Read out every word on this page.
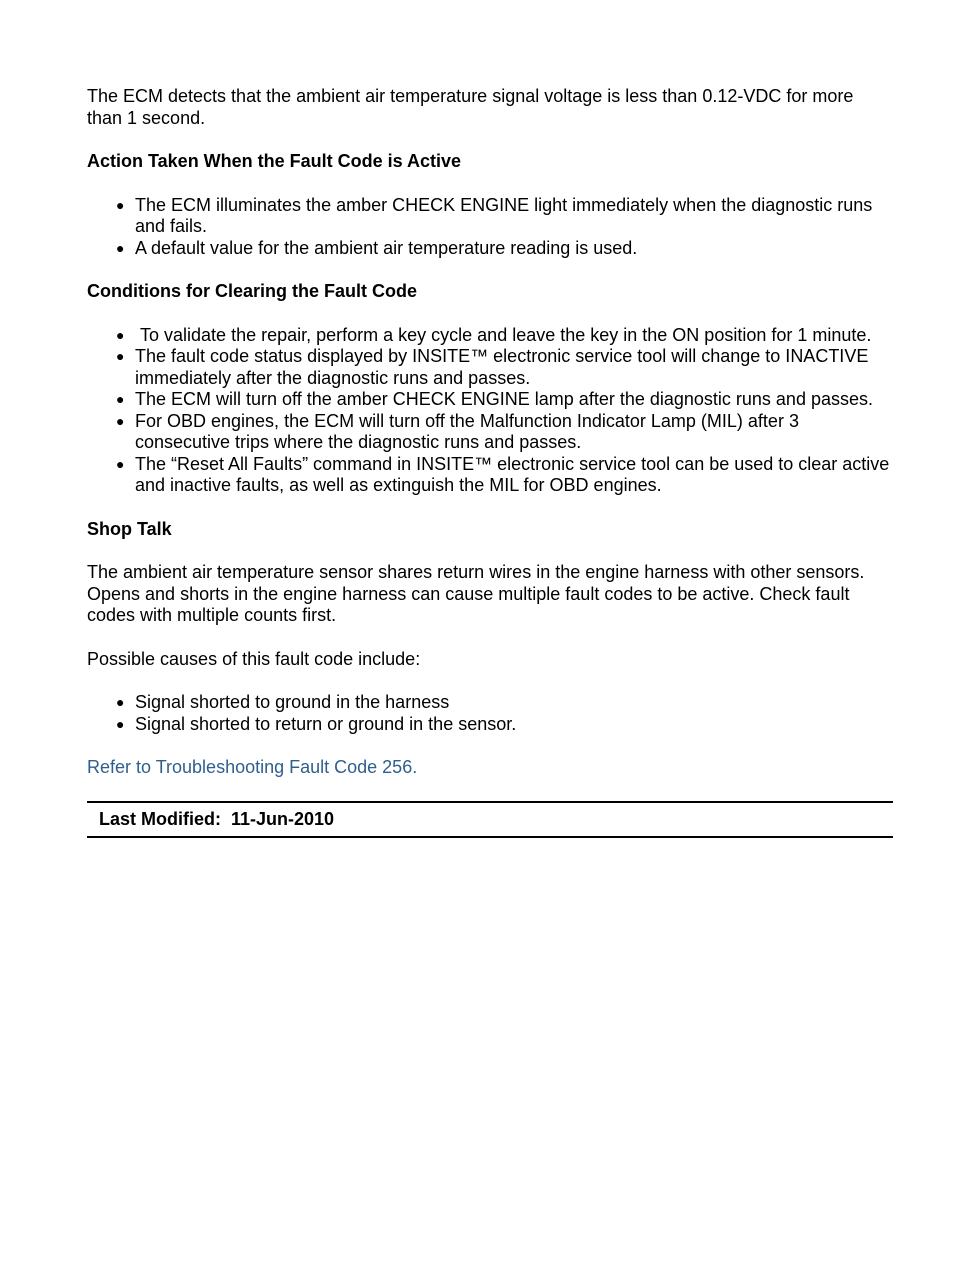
The ECM detects that the ambient air temperature signal voltage is less than 0.12-VDC for more than 1 second.

Action Taken When the Fault Code is Active

● The ECM illuminates the amber CHECK ENGINE light immediately when the diagnostic runs and fails.
● A default value for the ambient air temperature reading is used.

Conditions for Clearing the Fault Code

● To validate the repair, perform a key cycle and leave the key in the ON position for 1 minute.
● The fault code status displayed by INSITE™ electronic service tool will change to INACTIVE immediately after the diagnostic runs and passes.
● The ECM will turn off the amber CHECK ENGINE lamp after the diagnostic runs and passes.
● For OBD engines, the ECM will turn off the Malfunction Indicator Lamp (MIL) after 3 consecutive trips where the diagnostic runs and passes.
● The “Reset All Faults” command in INSITE™ electronic service tool can be used to clear active and inactive faults, as well as extinguish the MIL for OBD engines.

Shop Talk

The ambient air temperature sensor shares return wires in the engine harness with other sensors. Opens and shorts in the engine harness can cause multiple fault codes to be active. Check fault codes with multiple counts first.

Possible causes of this fault code include:

● Signal shorted to ground in the harness
● Signal shorted to return or ground in the sensor.

Refer to Troubleshooting Fault Code 256.

Last Modified:  11-Jun-2010
